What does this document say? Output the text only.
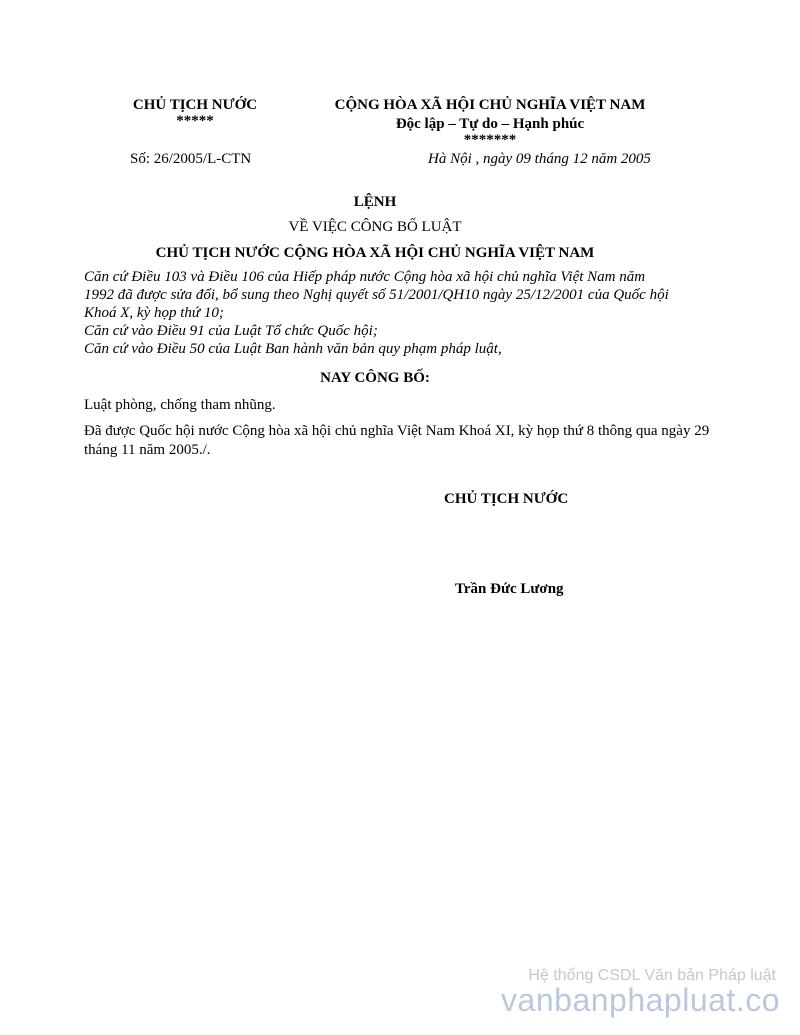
CHỦ TỊCH NƯỚC
*****
CỘNG HÒA XÃ HỘI CHỦ NGHĨA VIỆT NAM
Độc lập – Tự do – Hạnh phúc
*******
Số: 26/2005/L-CTN	Hà Nội , ngày 09 tháng 12 năm 2005
LỆNH
VỀ VIỆC CÔNG BỐ LUẬT
CHỦ TỊCH NƯỚC CỘNG HÒA XÃ HỘI CHỦ NGHĨA VIỆT NAM
Căn cứ Điều 103 và Điều 106 của Hiếp pháp nước Cộng hòa xã hội chủ nghĩa Việt Nam năm
1992 đã được sửa đổi, bổ sung theo Nghị quyết số 51/2001/QH10 ngày 25/12/2001 của Quốc hội
Khoá X, kỳ họp thứ 10;
Căn cứ vào Điều 91 của Luật Tổ chức Quốc hội;
Căn cứ vào Điều 50 của Luật Ban hành văn bản quy phạm pháp luật,
NAY CÔNG BỐ:
Luật phòng, chống tham nhũng.
Đã được Quốc hội nước Cộng hòa xã hội chủ nghĩa Việt Nam Khoá XI, kỳ họp thứ 8 thông qua ngày 29 tháng 11 năm 2005./.
CHỦ TỊCH NƯỚC
Trần Đức Lương
Hệ thống CSDL Văn bản Pháp luật
vanbanphapluat.co
